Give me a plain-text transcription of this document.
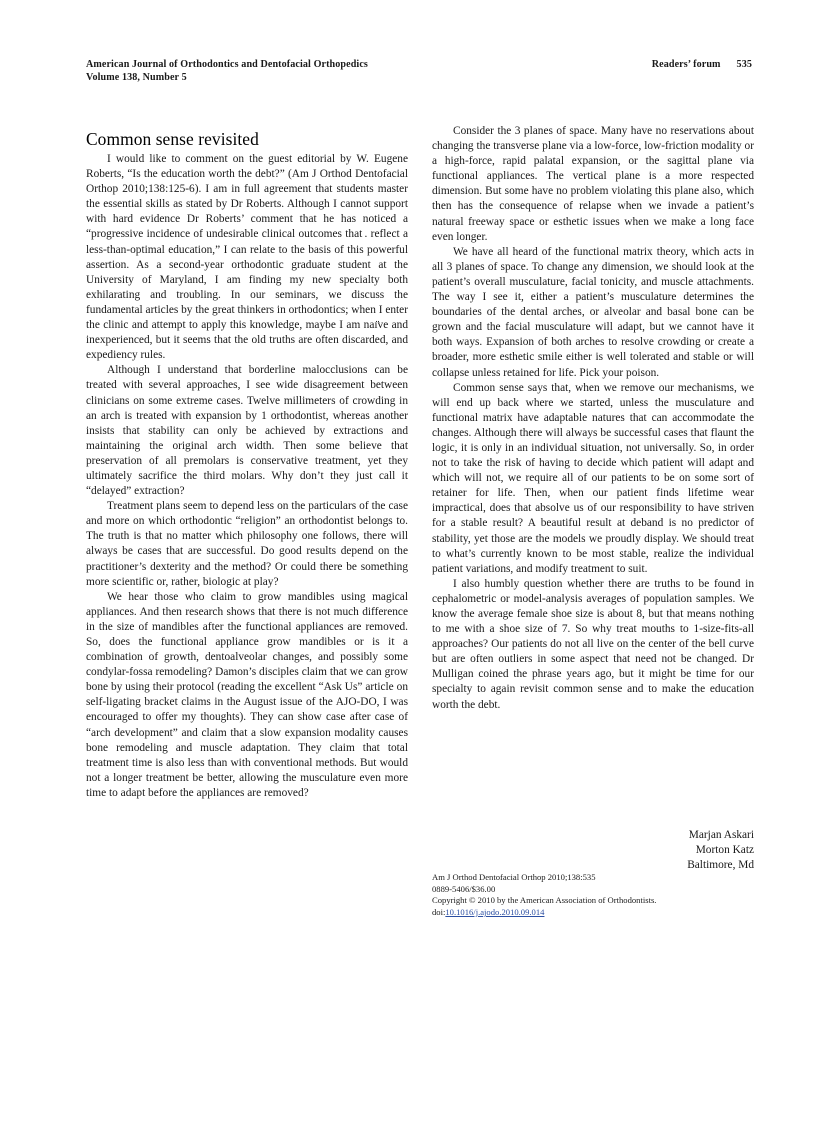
American Journal of Orthodontics and Dentofacial Orthopedics
Volume 138, Number 5
Readers’ forum 535
Common sense revisited

I would like to comment on the guest editorial by W. Eugene Roberts, “Is the education worth the debt?” (Am J Orthod Dentofacial Orthop 2010;138:125-6). I am in full agreement that students master the essential skills as stated by Dr Roberts. Although I cannot support with hard evidence Dr Roberts’ comment that he has noticed a “progressive incidence of undesirable clinical outcomes that . reflect a less-than-optimal education,” I can relate to the basis of this powerful assertion. As a second-year orthodontic graduate student at the University of Maryland, I am finding my new specialty both exhilarating and troubling. In our seminars, we discuss the fundamental articles by the great thinkers in orthodontics; when I enter the clinic and attempt to apply this knowledge, maybe I am naı̈ve and inexperienced, but it seems that the old truths are often discarded, and expediency rules.

Although I understand that borderline malocclusions can be treated with several approaches, I see wide disagreement between clinicians on some extreme cases. Twelve millimeters of crowding in an arch is treated with expansion by 1 orthodontist, whereas another insists that stability can only be achieved by extractions and maintaining the original arch width. Then some believe that preservation of all premolars is conservative treatment, yet they ultimately sacrifice the third molars. Why don’t they just call it “delayed” extraction?

Treatment plans seem to depend less on the particulars of the case and more on which orthodontic “religion” an orthodontist belongs to. The truth is that no matter which philosophy one follows, there will always be cases that are successful. Do good results depend on the practitioner’s dexterity and the method? Or could there be something more scientific or, rather, biologic at play?

We hear those who claim to grow mandibles using magical appliances. And then research shows that there is not much difference in the size of mandibles after the functional appliances are removed. So, does the functional appliance grow mandibles or is it a combination of growth, dentoalveolar changes, and possibly some condylar-fossa remodeling? Damon’s disciples claim that we can grow bone by using their protocol (reading the excellent “Ask Us” article on self-ligating bracket claims in the August issue of the AJO-DO, I was encouraged to offer my thoughts). They can show case after case of “arch development” and claim that a slow expansion modality causes bone remodeling and muscle adaptation. They claim that total treatment time is also less than with conventional methods. But would not a longer treatment be better, allowing the musculature even more time to adapt before the appliances are removed?

Consider the 3 planes of space. Many have no reservations about changing the transverse plane via a low-force, low-friction modality or a high-force, rapid palatal expansion, or the sagittal plane via functional appliances. The vertical plane is a more respected dimension. But some have no problem violating this plane also, which then has the consequence of relapse when we invade a patient’s natural freeway space or esthetic issues when we make a long face even longer.

We have all heard of the functional matrix theory, which acts in all 3 planes of space. To change any dimension, we should look at the patient’s overall musculature, facial tonicity, and muscle attachments. The way I see it, either a patient’s musculature determines the boundaries of the dental arches, or alveolar and basal bone can be grown and the facial musculature will adapt, but we cannot have it both ways. Expansion of both arches to resolve crowding or create a broader, more esthetic smile either is well tolerated and stable or will collapse unless retained for life. Pick your poison.

Common sense says that, when we remove our mechanisms, we will end up back where we started, unless the musculature and functional matrix have adaptable natures that can accommodate the changes. Although there will always be successful cases that flaunt the logic, it is only in an individual situation, not universally. So, in order not to take the risk of having to decide which patient will adapt and which will not, we require all of our patients to be on some sort of retainer for life. Then, when our patient finds lifetime wear impractical, does that absolve us of our responsibility to have striven for a stable result? A beautiful result at deband is no predictor of stability, yet those are the models we proudly display. We should treat to what’s currently known to be most stable, realize the individual patient variations, and modify treatment to suit.

I also humbly question whether there are truths to be found in cephalometric or model-analysis averages of population samples. We know the average female shoe size is about 8, but that means nothing to me with a shoe size of 7. So why treat mouths to 1-size-fits-all approaches? Our patients do not all live on the center of the bell curve but are often outliers in some aspect that need not be changed. Dr Mulligan coined the phrase years ago, but it might be time for our specialty to again revisit common sense and to make the education worth the debt.

Marjan Askari
Morton Katz
Baltimore, Md
Am J Orthod Dentofacial Orthop 2010;138:535
0889-5406/$36.00
Copyright © 2010 by the American Association of Orthodontists.
doi:10.1016/j.ajodo.2010.09.014
